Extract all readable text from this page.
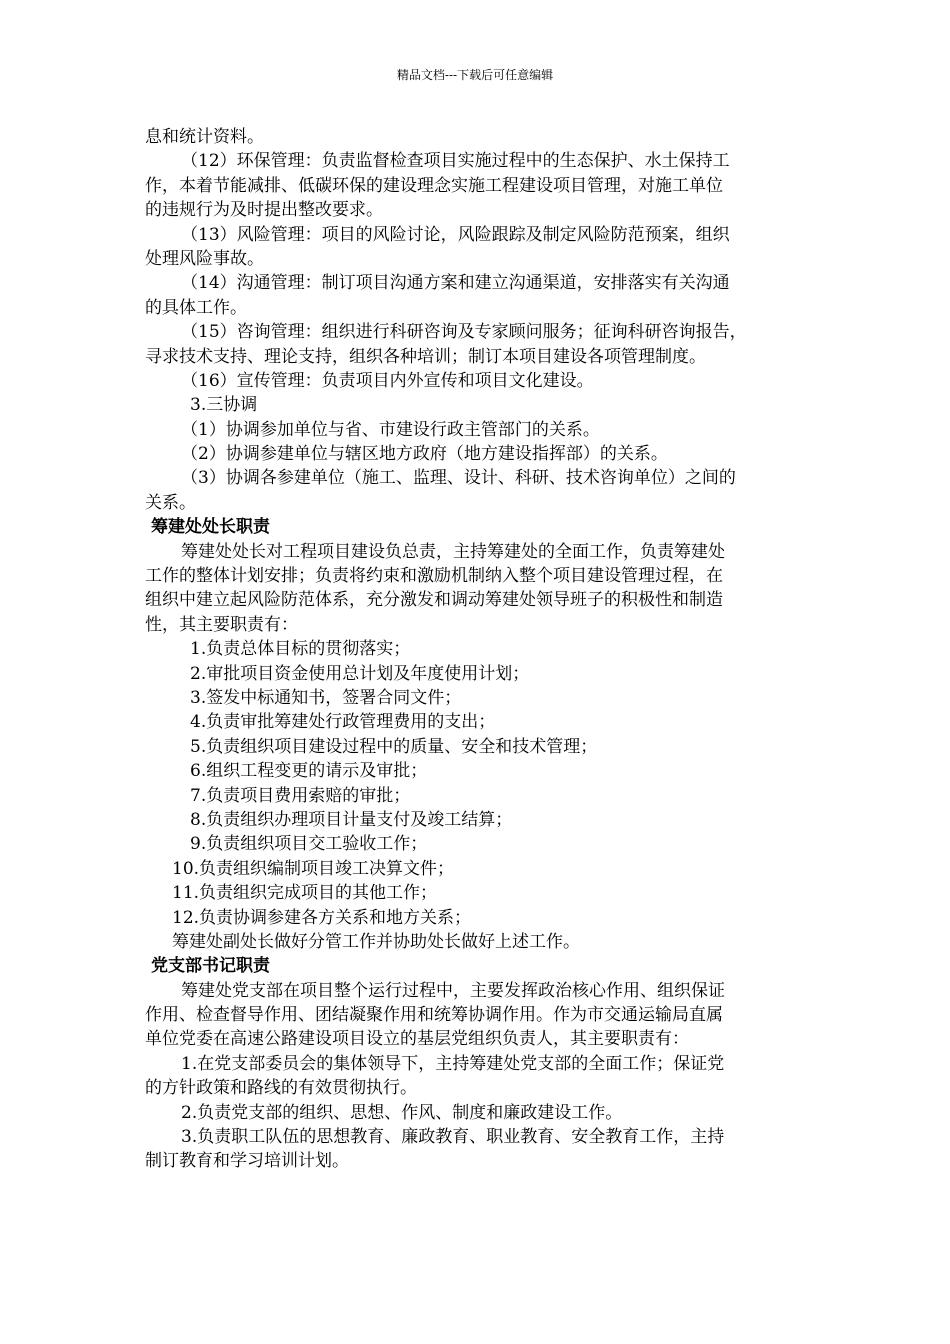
精品文档---下载后可任意编辑
息和统计资料。
（12）环保管理：负责监督检查项目实施过程中的生态保护、水土保持工
作，本着节能减排、低碳环保的建设理念实施工程建设项目管理，对施工单位
的违规行为及时提出整改要求。
（13）风险管理：项目的风险讨论，风险跟踪及制定风险防范预案，组织
处理风险事故。
（14）沟通管理：制订项目沟通方案和建立沟通渠道，安排落实有关沟通
的具体工作。
（15）咨询管理：组织进行科研咨询及专家顾问服务；征询科研咨询报告，
寻求技术支持、理论支持，组织各种培训；制订本项目建设各项管理制度。
（16）宣传管理：负责项目内外宣传和项目文化建设。
3.三协调
（1）协调参加单位与省、市建设行政主管部门的关系。
（2）协调参建单位与辖区地方政府（地方建设指挥部）的关系。
（3）协调各参建单位（施工、监理、设计、科研、技术咨询单位）之间的
关系。
筹建处处长职责
筹建处处长对工程项目建设负总责，主持筹建处的全面工作，负责筹建处
工作的整体计划安排；负责将约束和激励机制纳入整个项目建设管理过程，在
组织中建立起风险防范体系，充分激发和调动筹建处领导班子的积极性和制造
性，其主要职责有：
1.负责总体目标的贯彻落实；
2.审批项目资金使用总计划及年度使用计划；
3.签发中标通知书，签署合同文件；
4.负责审批筹建处行政管理费用的支出；
5.负责组织项目建设过程中的质量、安全和技术管理；
6.组织工程变更的请示及审批；
7.负责项目费用索赔的审批；
8.负责组织办理项目计量支付及竣工结算；
9.负责组织项目交工验收工作；
10.负责组织编制项目竣工决算文件；
11.负责组织完成项目的其他工作；
12.负责协调参建各方关系和地方关系；
筹建处副处长做好分管工作并协助处长做好上述工作。
党支部书记职责
筹建处党支部在项目整个运行过程中，主要发挥政治核心作用、组织保证
作用、检查督导作用、团结凝聚作用和统筹协调作用。作为市交通运输局直属
单位党委在高速公路建设项目设立的基层党组织负责人，其主要职责有：
1.在党支部委员会的集体领导下，主持筹建处党支部的全面工作；保证党
的方针政策和路线的有效贯彻执行。
2.负责党支部的组织、思想、作风、制度和廉政建设工作。
3.负责职工队伍的思想教育、廉政教育、职业教育、安全教育工作，主持
制订教育和学习培训计划。
